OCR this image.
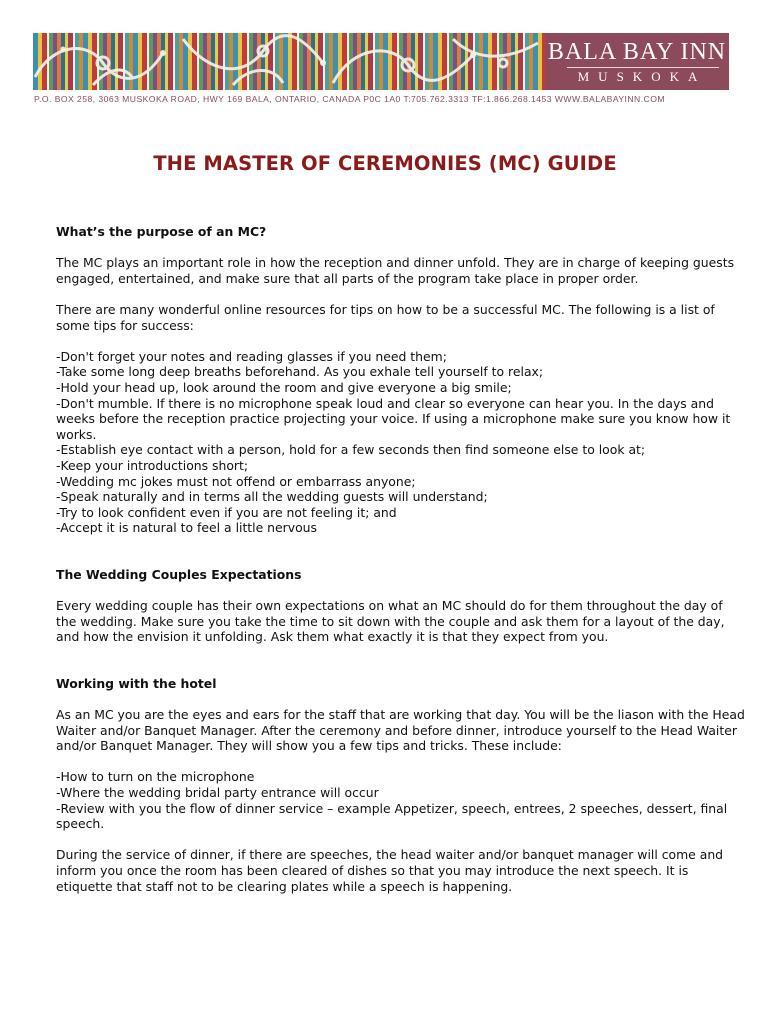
BALA BAY INN
MUSKOKA
P.O. BOX 258, 3063 MUSKOKA ROAD, HWY 169 BALA, ONTARIO, CANADA P0C 1A0 T:705.762.3313 TF:1.866.268.1453 WWW.BALABAYINN.COM
THE MASTER OF CEREMONIES (MC) GUIDE
What’s the purpose of an MC?

The MC plays an important role in how the reception and dinner unfold. They are in charge of keeping guests engaged, entertained, and make sure that all parts of the program take place in proper order.

There are many wonderful online resources for tips on how to be a successful MC. The following is a list of some tips for success:

-Don't forget your notes and reading glasses if you need them;
-Take some long deep breaths beforehand. As you exhale tell yourself to relax;
-Hold your head up, look around the room and give everyone a big smile;
-Don't mumble. If there is no microphone speak loud and clear so everyone can hear you. In the days and weeks before the reception practice projecting your voice. If using a microphone make sure you know how it works.
-Establish eye contact with a person, hold for a few seconds then find someone else to look at;
-Keep your introductions short;
-Wedding mc jokes must not offend or embarrass anyone;
-Speak naturally and in terms all the wedding guests will understand;
-Try to look confident even if you are not feeling it; and
-Accept it is natural to feel a little nervous
The Wedding Couples Expectations

Every wedding couple has their own expectations on what an MC should do for them throughout the day of the wedding. Make sure you take the time to sit down with the couple and ask them for a layout of the day, and how the envision it unfolding. Ask them what exactly it is that they expect from you.

Working with the hotel

As an MC you are the eyes and ears for the staff that are working that day. You will be the liason with the Head Waiter and/or Banquet Manager. After the ceremony and before dinner, introduce yourself to the Head Waiter and/or Banquet Manager. They will show you a few tips and tricks. These include:

-How to turn on the microphone
-Where the wedding bridal party entrance will occur
-Review with you the flow of dinner service – example Appetizer, speech, entrees, 2 speeches, dessert, final speech.

During the service of dinner, if there are speeches, the head waiter and/or banquet manager will come and inform you once the room has been cleared of dishes so that you may introduce the next speech. It is etiquette that staff not to be clearing plates while a speech is happening.
